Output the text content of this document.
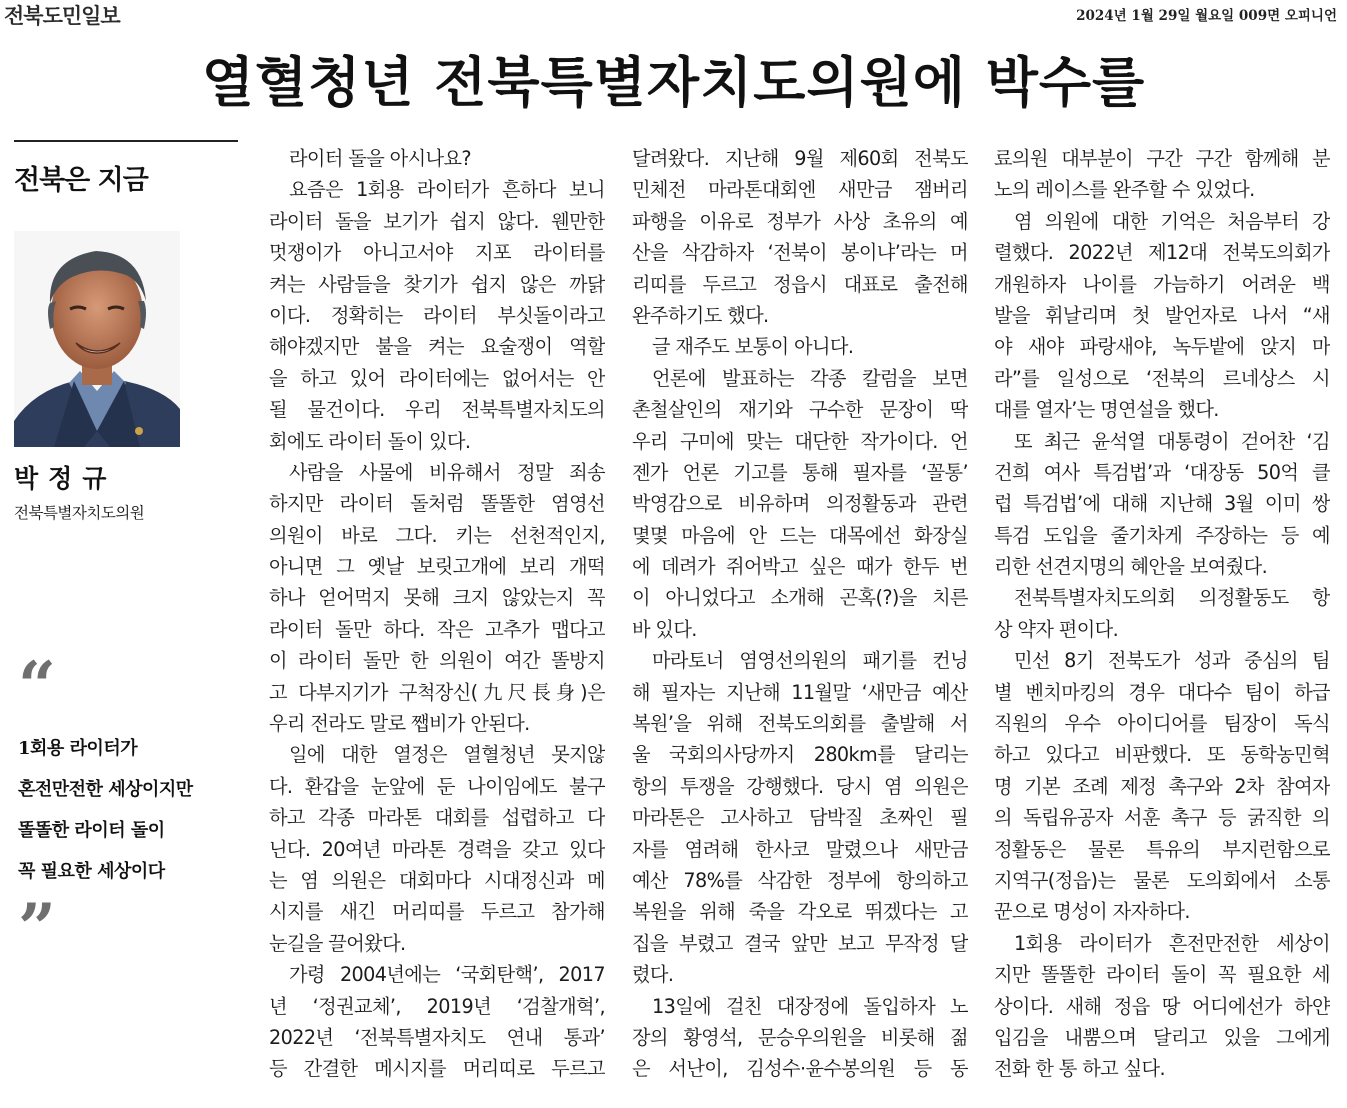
전북도민일보	2024년 1월 29일 월요일 009면 오피니언
열혈청년 전북특별자치도의원에 박수를
전북은 지금
박정규
전북특별자치도의원
“
1회용 라이터가
혼전만전한 세상이지만
똘똘한 라이터 돌이
꼭 필요한 세상이다
”
라이터 돌을 아시나요?
요즘은 1회용 라이터가 흔하다 보니
라이터 돌을 보기가 쉽지 않다. 웬만한
멋쟁이가 아니고서야 지포 라이터를
켜는 사람들을 찾기가 쉽지 않은 까닭
이다. 정확히는 라이터 부싯돌이라고
해야겠지만 불을 켜는 요술쟁이 역할
을 하고 있어 라이터에는 없어서는 안
될 물건이다. 우리 전북특별자치도의
회에도 라이터 돌이 있다.
사람을 사물에 비유해서 정말 죄송
하지만 라이터 돌처럼 똘똘한 염영선
의원이 바로 그다. 키는 선천적인지,
아니면 그 옛날 보릿고개에 보리 개떡
하나 얻어먹지 못해 크지 않았는지 꼭
라이터 돌만 하다. 작은 고추가 맵다고
이 라이터 돌만 한 의원이 여간 똘방지
고 다부지기가 구척장신(九尺長身)은
우리 전라도 말로 쨉비가 안된다.
일에 대한 열정은 열혈청년 못지않
다. 환갑을 눈앞에 둔 나이임에도 불구
하고 각종 마라톤 대회를 섭렵하고 다
닌다. 20여년 마라톤 경력을 갖고 있다
는 염 의원은 대회마다 시대정신과 메
시지를 새긴 머리띠를 두르고 참가해
눈길을 끌어왔다.
가령 2004년에는 ‘국회탄핵’, 2017
년 ‘정권교체’, 2019년 ‘검찰개혁’,
2022년 ‘전북특별자치도 연내 통과’
등 간결한 메시지를 머리띠로 두르고
달려왔다. 지난해 9월 제60회 전북도
민체전 마라톤대회엔 새만금 잼버리
파행을 이유로 정부가 사상 초유의 예
산을 삭감하자 ‘전북이 봉이냐’라는 머
리띠를 두르고 정읍시 대표로 출전해
완주하기도 했다.
글 재주도 보통이 아니다.
언론에 발표하는 각종 칼럼을 보면
촌철살인의 재기와 구수한 문장이 딱
우리 구미에 맞는 대단한 작가이다. 언
젠가 언론 기고를 통해 필자를 ‘꼴통’
박영감으로 비유하며 의정활동과 관련
몇몇 마음에 안 드는 대목에선 화장실
에 데려가 쥐어박고 싶은 때가 한두 번
이 아니었다고 소개해 곤혹(?)을 치른
바 있다.
마라토너 염영선의원의 패기를 컨닝
해 필자는 지난해 11월말 ‘새만금 예산
복원’을 위해 전북도의회를 출발해 서
울 국회의사당까지 280km를 달리는
항의 투쟁을 강행했다. 당시 염 의원은
마라톤은 고사하고 담박질 초짜인 필
자를 염려해 한사코 말렸으나 새만금
예산 78%를 삭감한 정부에 항의하고
복원을 위해 죽을 각오로 뛰겠다는 고
집을 부렸고 결국 앞만 보고 무작정 달
렸다.
13일에 걸친 대장정에 돌입하자 노
장의 황영석, 문승우의원을 비롯해 젊
은 서난이, 김성수·윤수봉의원 등 동
료의원 대부분이 구간 구간 함께해 분
노의 레이스를 완주할 수 있었다.
염 의원에 대한 기억은 처음부터 강
렬했다. 2022년 제12대 전북도의회가
개원하자 나이를 가늠하기 어려운 백
발을 휘날리며 첫 발언자로 나서 “새
야 새야 파랑새야, 녹두밭에 앉지 마
라”를 일성으로 ‘전북의 르네상스 시
대를 열자’는 명연설을 했다.
또 최근 윤석열 대통령이 걷어찬 ‘김
건희 여사 특검법’과 ‘대장동 50억 클
럽 특검법’에 대해 지난해 3월 이미 쌍
특검 도입을 줄기차게 주장하는 등 예
리한 선견지명의 혜안을 보여줬다.
전북특별자치도의회 의정활동도 항
상 약자 편이다.
민선 8기 전북도가 성과 중심의 팀
별 벤치마킹의 경우 대다수 팀이 하급
직원의 우수 아이디어를 팀장이 독식
하고 있다고 비판했다. 또 동학농민혁
명 기본 조례 제정 촉구와 2차 참여자
의 독립유공자 서훈 촉구 등 굵직한 의
정활동은 물론 특유의 부지런함으로
지역구(정읍)는 물론 도의회에서 소통
꾼으로 명성이 자자하다.
1회용 라이터가 흔전만전한 세상이
지만 똘똘한 라이터 돌이 꼭 필요한 세
상이다. 새해 정읍 땅 어디에선가 하얀
입김을 내뿜으며 달리고 있을 그에게
전화 한 통 하고 싶다.
